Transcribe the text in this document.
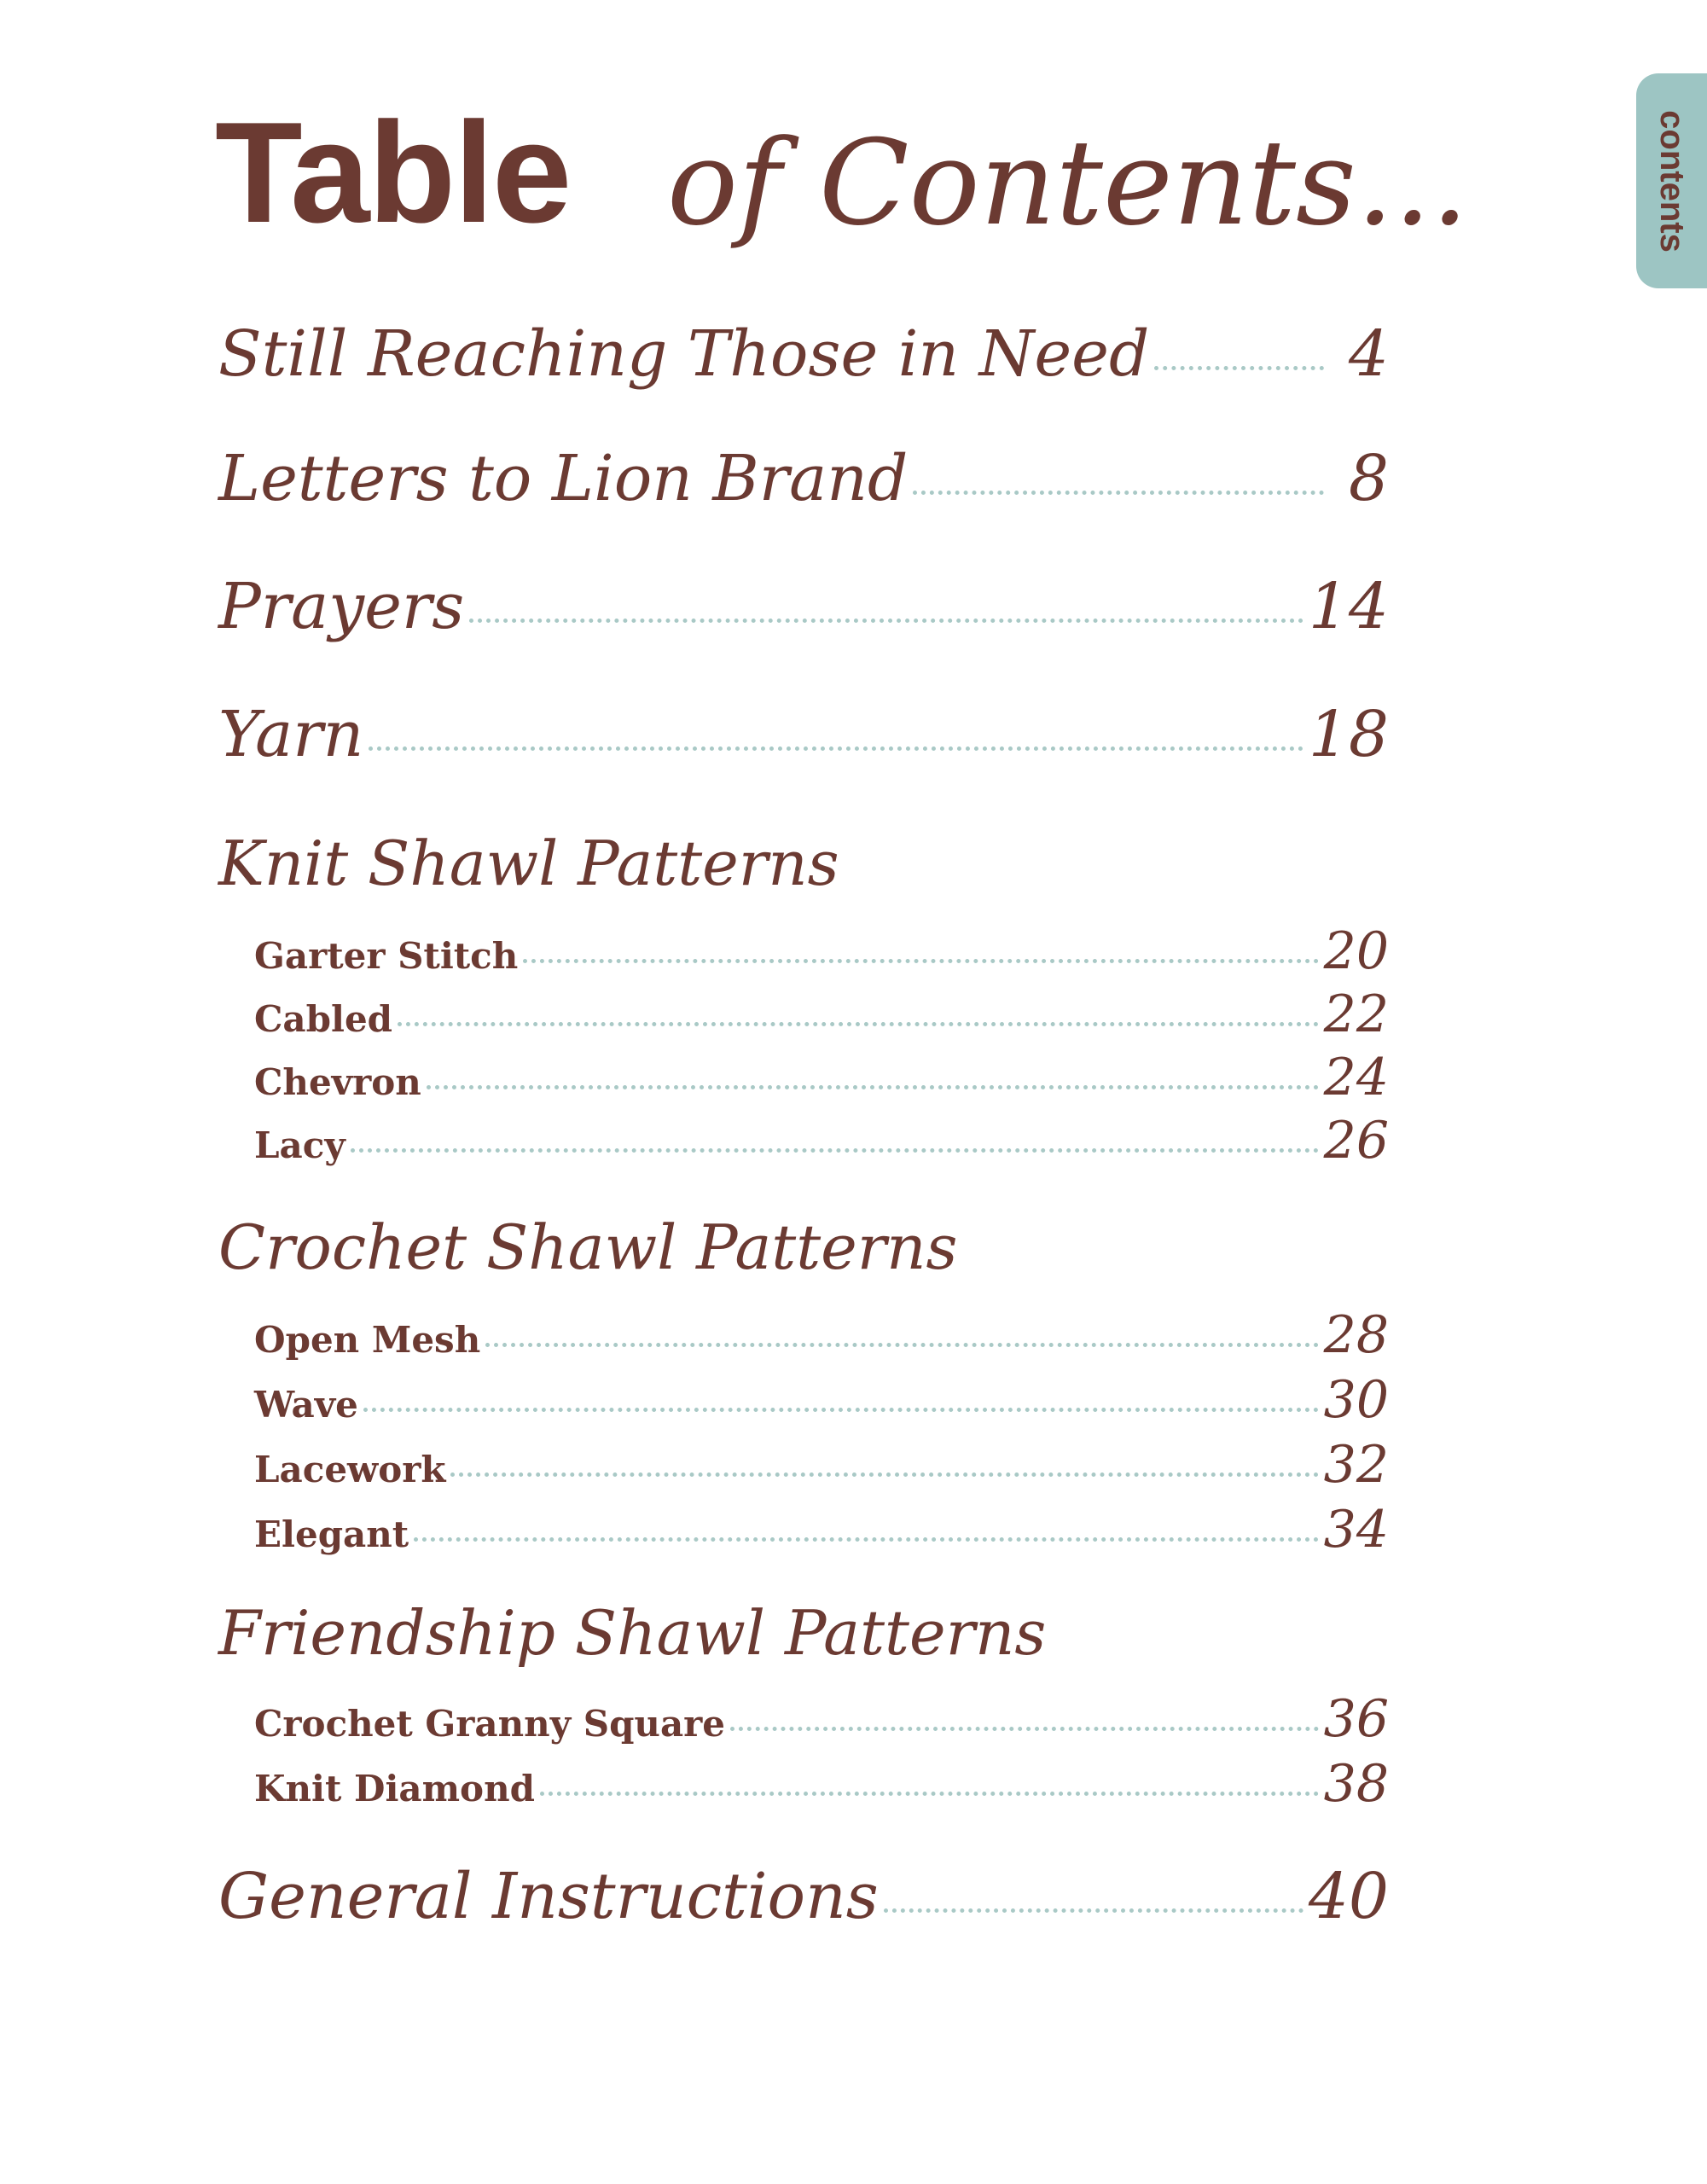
contents
Table of Contents...
Still Reaching Those in Need	4
Letters to Lion Brand	8
Prayers	14
Yarn	18
Knit Shawl Patterns
Garter Stitch	20
Cabled	22
Chevron	24
Lacy	26
Crochet Shawl Patterns
Open Mesh	28
Wave	30
Lacework	32
Elegant	34
Friendship Shawl Patterns
Crochet Granny Square	36
Knit Diamond	38
General Instructions	40
